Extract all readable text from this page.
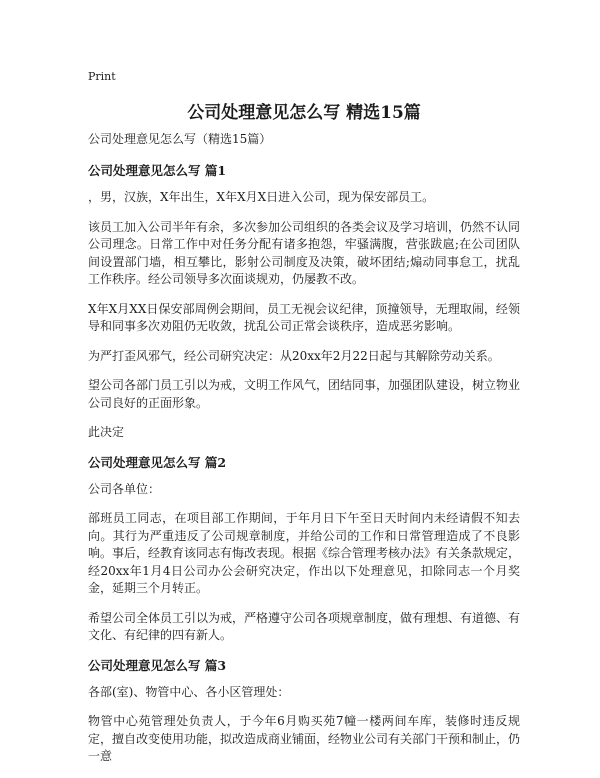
Print
公司处理意见怎么写 精选15篇

公司处理意见怎么写（精选15篇）

公司处理意见怎么写 篇1

，男，汉族，X年出生，X年X月X日进入公司，现为保安部员工。

该员工加入公司半年有余，多次参加公司组织的各类会议及学习培训，仍然不认同公司理念。日常工作中对任务分配有诸多抱怨，牢骚满腹，营张跋扈;在公司团队间设置部门墙，相互攀比，影射公司制度及决策，破坏团结;煽动同事怠工，扰乱工作秩序。经公司领导多次面谈规劝，仍屡教不改。

X年X月XX日保安部周例会期间，员工无视会议纪律，顶撞领导，无理取闹，经领导和同事多次劝阻仍无收敛，扰乱公司正常会谈秩序，造成恶劣影响。

为严打歪风邪气，经公司研究决定：从20xx年2月22日起与其解除劳动关系。

望公司各部门员工引以为戒，文明工作风气，团结同事，加强团队建设，树立物业公司良好的正面形象。

此决定

公司处理意见怎么写 篇2

公司各单位：

部班员工同志，在项目部工作期间，于年月日下午至日天时间内未经请假不知去向。其行为严重违反了公司规章制度，并给公司的工作和日常管理造成了不良影响。事后，经教育该同志有悔改表现。根据《综合管理考核办法》有关条款规定，经20xx年1月4日公司办公会研究决定，作出以下处理意见，扣除同志一个月奖金，延期三个月转正。

希望公司全体员工引以为戒，严格遵守公司各项规章制度，做有理想、有道德、有文化、有纪律的四有新人。

公司处理意见怎么写 篇3

各部(室)、物管中心、各小区管理处：

物管中心苑管理处负责人，于今年6月购买苑7幢一楼两间车库，装修时违反规定，擅自改变使用功能，拟改造成商业铺面，经物业公司有关部门干预和制止，仍一意
